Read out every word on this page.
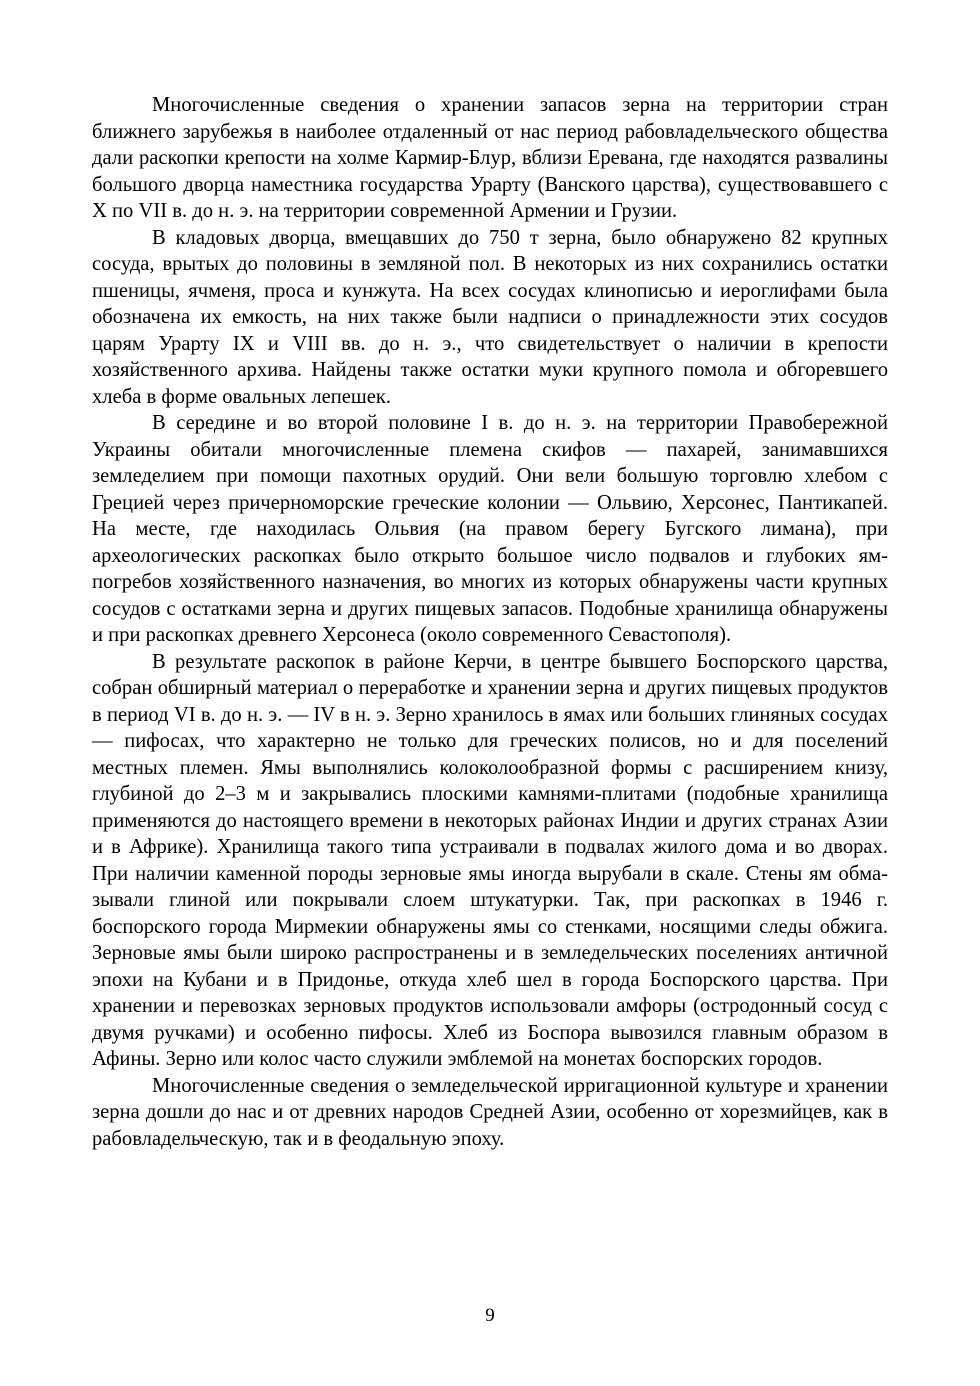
Многочисленные сведения о хранении запасов зерна на территории стран ближнего зарубежья в наиболее отдаленный от нас период рабовладельческого общества дали раскопки крепости на холме Кармир-Блур, вблизи Еревана, где находятся развалины большого дворца наместника государства Урарту (Ванского царства), существовавшего с X по VII в. до н. э. на территории современной Армении и Грузии.

В кладовых дворца, вмещавших до 750 т зерна, было обнаружено 82 крупных сосуда, врытых до половины в земляной пол. В некоторых из них сохранились остатки пшеницы, ячменя, проса и кунжута. На всех сосудах клинописью и иероглифами была обозначена их емкость, на них также были надписи о принадлежности этих сосудов царям Урарту IX и VIII вв. до н. э., что свидетельствует о наличии в крепости хозяйственного архива. Найдены также остатки муки крупного помола и обгоревшего хлеба в форме овальных лепешек.

В середине и во второй половине I в. до н. э. на территории Правобережной Украины обитали многочисленные племена скифов — пахарей, занимавшихся земледелием при помощи пахотных орудий. Они вели большую торговлю хлебом с Грецией через причерноморские греческие колонии — Ольвию, Херсонес, Пантикапей. На месте, где находилась Ольвия (на правом берегу Бугского лимана), при археологических раскопках было открыто большое число подвалов и глубоких ям-погребов хозяйственного назначения, во многих из которых обнаружены части крупных сосудов с остатками зерна и других пищевых запасов. Подобные хранилища обнаружены и при раскопках древнего Херсонеса (около современного Севастополя).

В результате раскопок в районе Керчи, в центре бывшего Боспорского царства, собран обширный материал о переработке и хранении зерна и других пищевых продуктов в период VI в. до н. э. — IV в н. э. Зерно хранилось в ямах или больших глиняных сосудах — пифосах, что характерно не только для греческих полисов, но и для поселений местных племен. Ямы выполнялись колоколообразной формы с расширением книзу, глубиной до 2–3 м и закрывались плоскими камнями-плитами (подобные хранилища применяются до настоящего времени в некоторых районах Индии и других странах Азии и в Африке). Хранилища такого типа устраивали в подвалах жилого дома и во дворах. При наличии каменной породы зерновые ямы иногда вырубали в скале. Стены ям обмазывали глиной или покрывали слоем штукатурки. Так, при раскопках в 1946 г. боспорского города Мирмекии обнаружены ямы со стенками, носящими следы обжига. Зерновые ямы были широко распространены и в земледельческих поселениях античной эпохи на Кубани и в Придонье, откуда хлеб шел в города Боспорского царства. При хранении и перевозках зерновых продуктов использовали амфоры (остродонный сосуд с двумя ручками) и особенно пифосы. Хлеб из Боспора вывозился главным образом в Афины. Зерно или колос часто служили эмблемой на монетах боспорских городов.

Многочисленные сведения о земледельческой ирригационной культуре и хранении зерна дошли до нас и от древних народов Средней Азии, особенно от хорезмийцев, как в рабовладельческую, так и в феодальную эпоху.

9
